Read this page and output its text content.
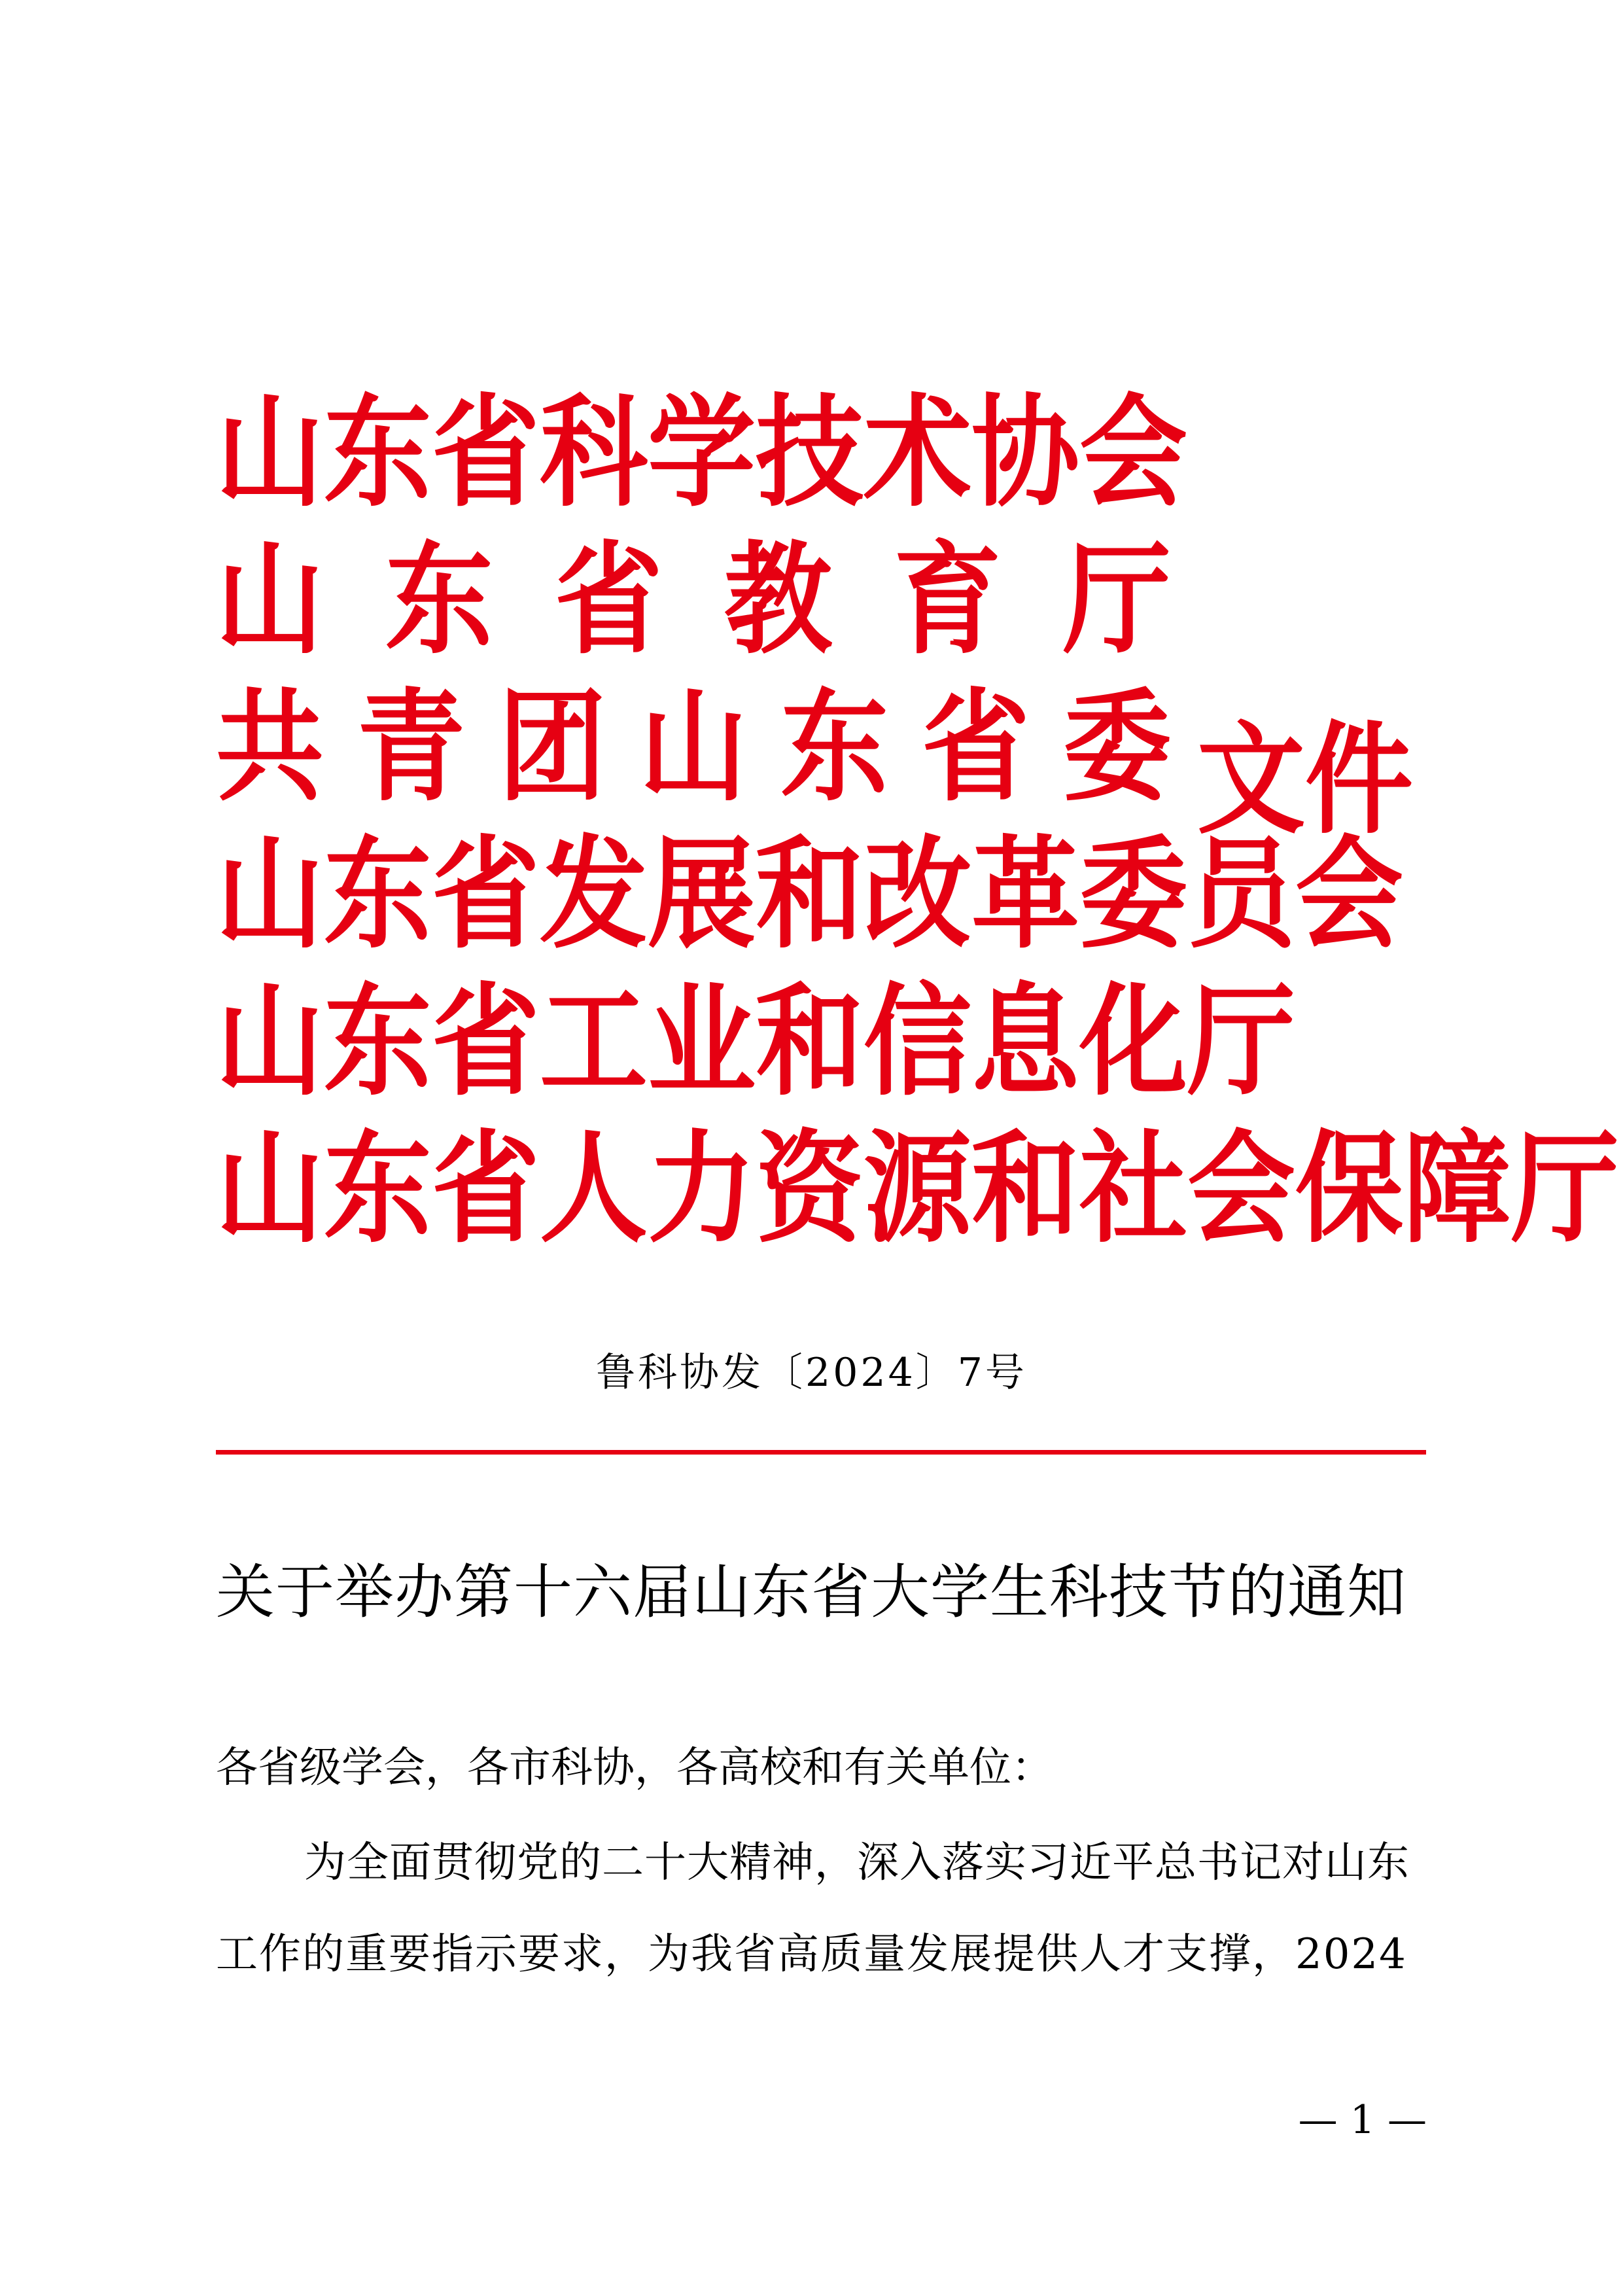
山 东 省 科 学 技 术 协 会
山 东 省 教 育 厅
共 青 团 山 东 省 委
山 东 省 发 展 和 改 革 委 员 会
山 东 省 工 业 和 信 息 化 厅
山 东 省 人 力 资 源 和 社 会 保 障 厅
文 件
鲁科协发〔2024〕7号
关于举办第十六届山东省大学生科技节的通知
各省级学会，各市科协，各高校和有关单位：
为全面贯彻党的二十大精神，深入落实习近平总书记对山东
工作的重要指示要求，为我省高质量发展提供人才支撑，2024
— 1 —
